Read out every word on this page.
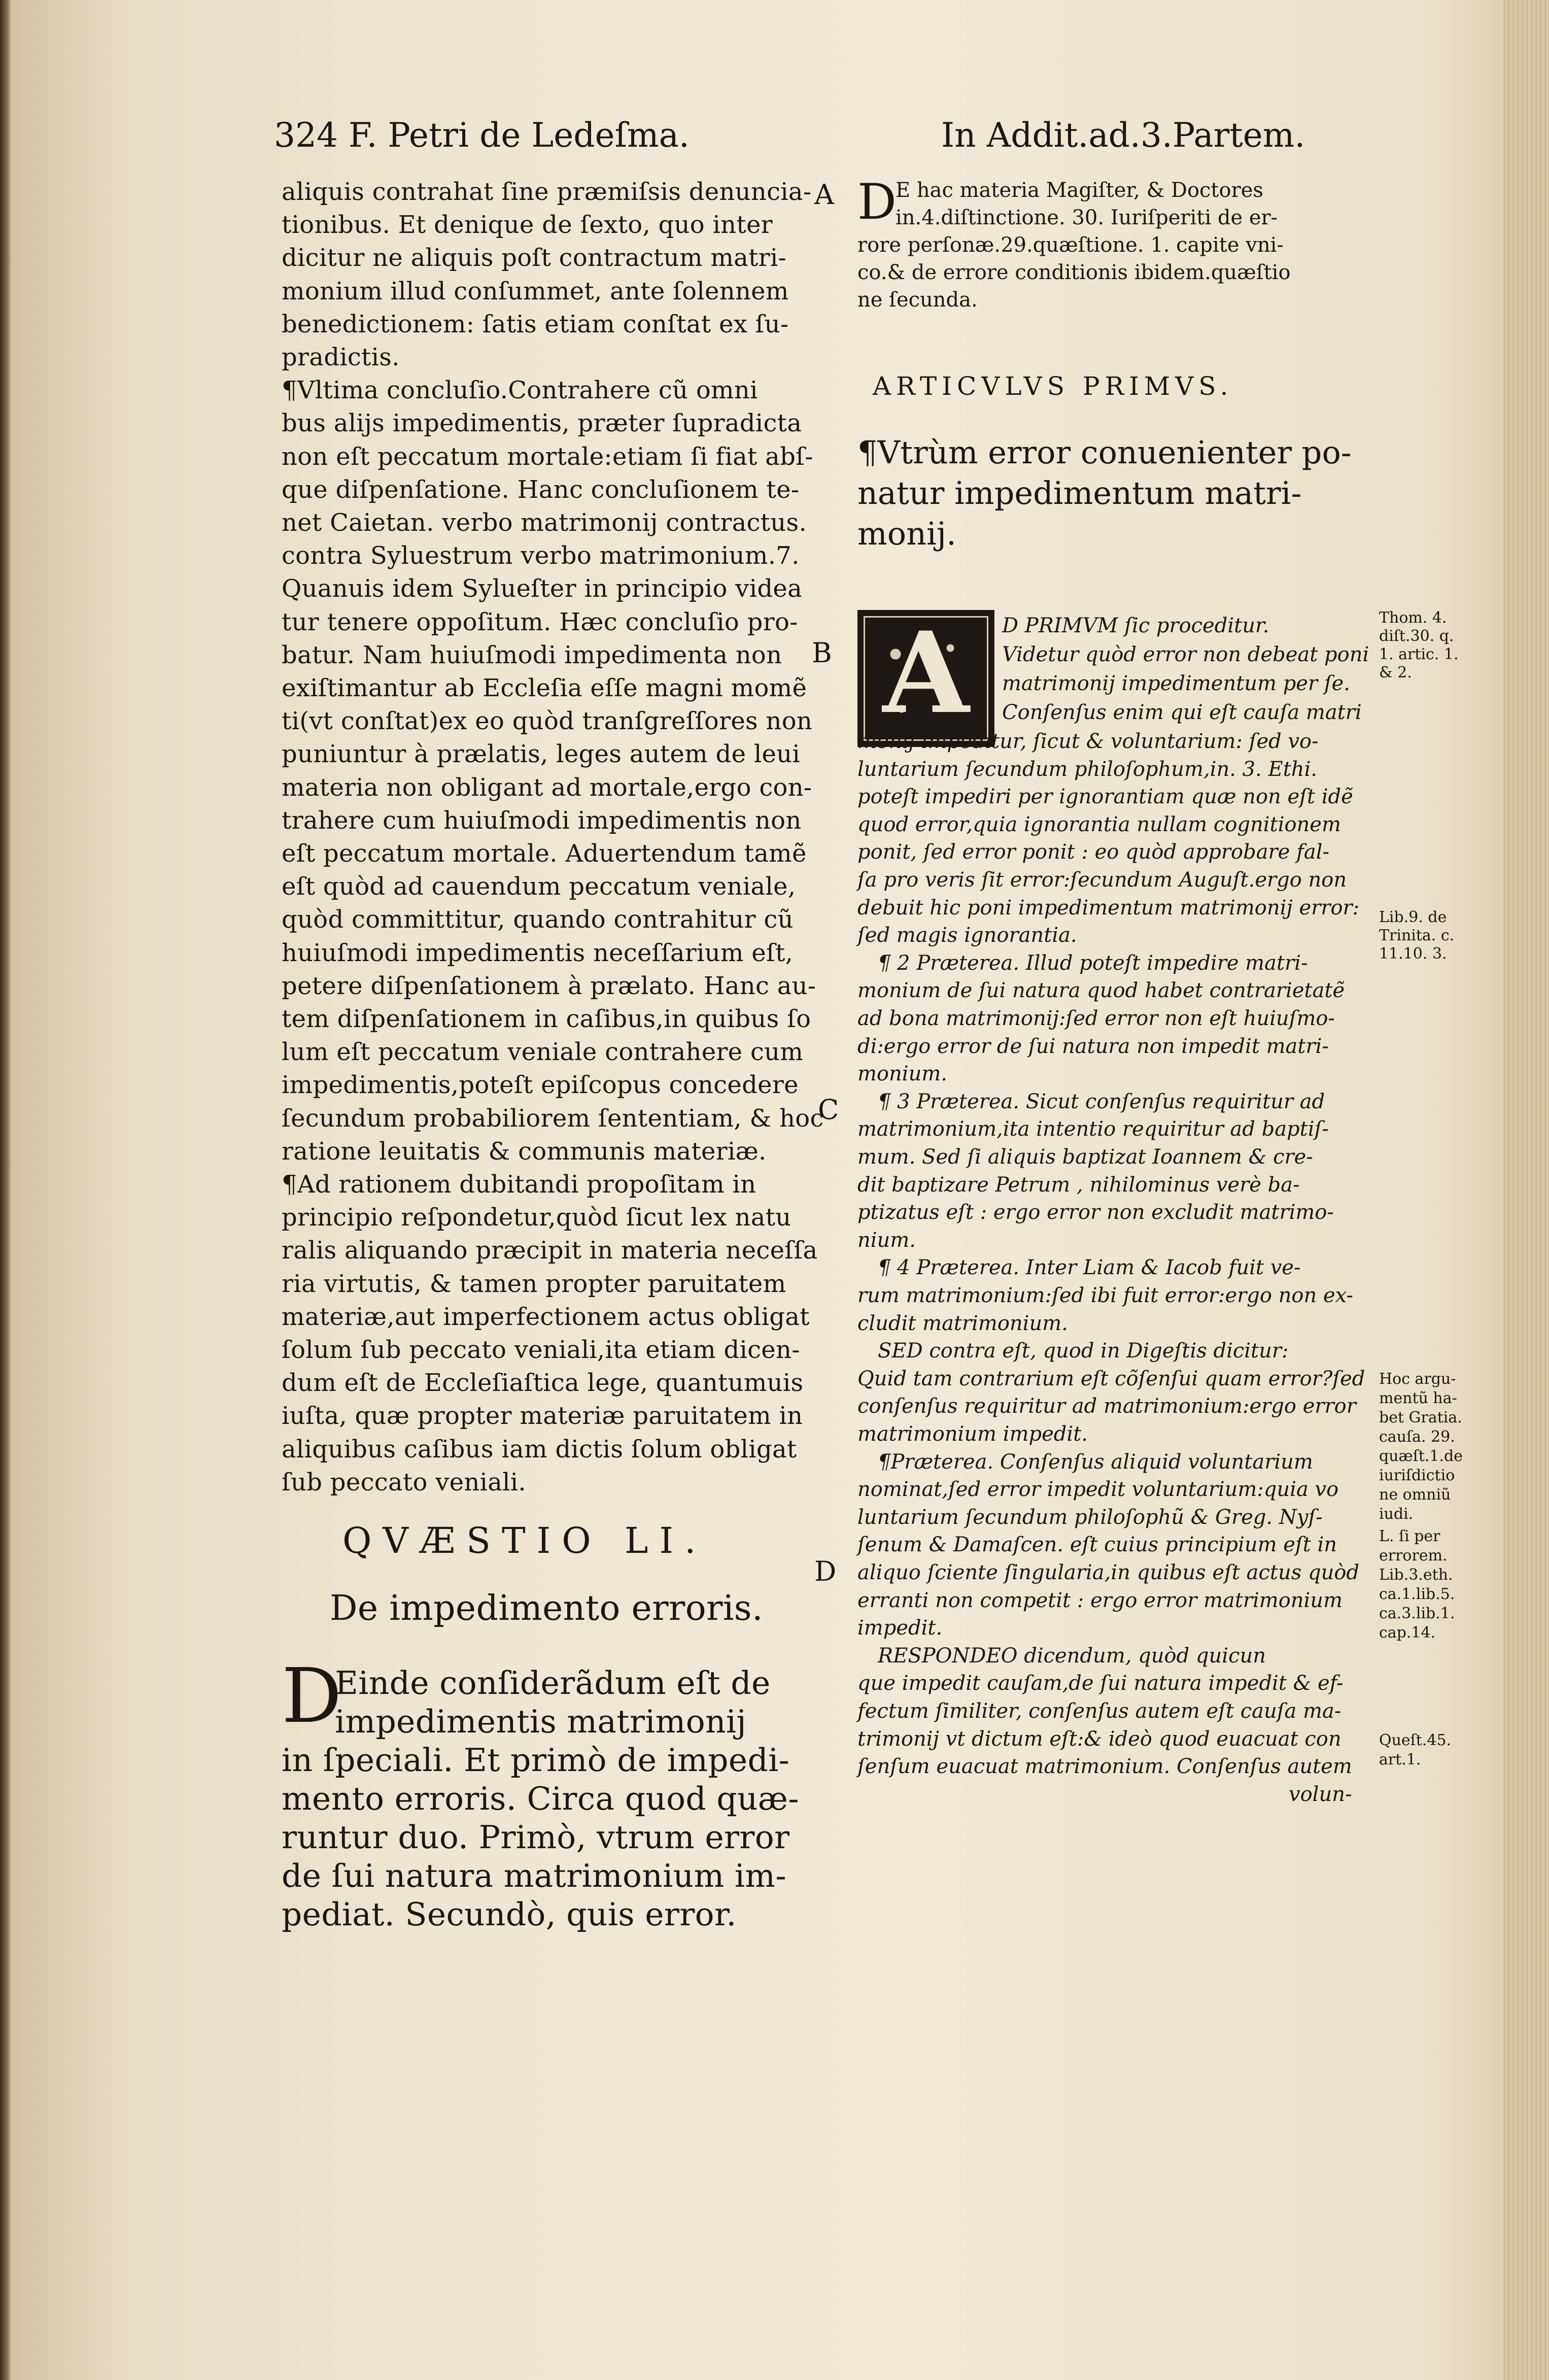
324 F. Petri de Ledeſma.	In Addit.ad.3.Partem.
aliquis contrahat ſine præmiſsis denuncia-
tionibus. Et denique de ſexto, quo inter
dicitur ne aliquis poſt contractum matri-
monium illud conſummet, ante ſolennem
benedictionem: ſatis etiam conſtat ex ſu-
pradictis.
¶Vltima concluſio.Contrahere cũ omni
bus alijs impedimentis, præter ſupradicta
non eſt peccatum mortale:etiam ſi fiat abſ-
que diſpenſatione. Hanc concluſionem te-
net Caietan. verbo matrimonij contractus.
contra Syluestrum verbo matrimonium.7.
Quanuis idem Sylueſter in principio videa
tur tenere oppoſitum. Hæc concluſio pro-
batur. Nam huiuſmodi impedimenta non
exiſtimantur ab Eccleſia eſſe magni momẽ
ti(vt conſtat)ex eo quòd tranſgreſſores non
puniuntur à prælatis, leges autem de leui
materia non obligant ad mortale,ergo con-
trahere cum huiuſmodi impedimentis non
eſt peccatum mortale. Aduertendum tamẽ
eſt quòd ad cauendum peccatum veniale,
quòd committitur, quando contrahitur cũ
huiuſmodi impedimentis neceſſarium eſt,
petere diſpenſationem à prælato. Hanc au-
tem diſpenſationem in caſibus,in quibus ſo
lum eſt peccatum veniale contrahere cum
impedimentis,poteſt epiſcopus concedere
ſecundum probabiliorem ſententiam, & hoc
ratione leuitatis & communis materiæ.
¶Ad rationem dubitandi propoſitam in
principio reſpondetur,quòd ſicut lex natu
ralis aliquando præcipit in materia neceſſa
ria virtutis, & tamen propter paruitatem
materiæ,aut imperfectionem actus obligat
ſolum ſub peccato veniali,ita etiam dicen-
dum eſt de Eccleſiaſtica lege, quantumuis
iuſta, quæ propter materiæ paruitatem in
aliquibus caſibus iam dictis ſolum obligat
ſub peccato veniali.
QVÆSTIO LI.
De impedimento erroris.
D
Einde conſiderãdum eſt de
impedimentis matrimonij
in ſpeciali. Et primò de impedi-
mento erroris. Circa quod quæ-
runtur duo. Primò, vtrum error
de ſui natura matrimonium im-
pediat. Secundò, quis error.
A
B
C
D
D
E hac materia Magiſter, & Doctores
in.4.diſtinctione. 30. Iuriſperiti de er-
rore perſonæ.29.quæſtione. 1. capite vni-
co.& de errore conditionis ibidem.quæſtio
ne ſecunda.
ARTICVLVS PRIMVS.
¶Vtrùm error conuenienter po-
natur impedimentum matri-
monij.
A	D PRIMVM ſic proceditur.
Videtur quòd error non debeat poni
matrimonij impedimentum per ſe.
Conſenſus enim qui eſt cauſa matri
monij impeditur, ſicut & voluntarium: ſed vo-
luntarium ſecundum philoſophum,in. 3. Ethi.
poteſt impediri per ignorantiam quæ non eſt idẽ
quod error,quia ignorantia nullam cognitionem
ponit, ſed error ponit : eo quòd approbare fal-
ſa pro veris ſit error:ſecundum Auguſt.ergo non
debuit hic poni impedimentum matrimonij error:
ſed magis ignorantia.
¶ 2 Præterea. Illud poteſt impedire matri-
monium de ſui natura quod habet contrarietatẽ
ad bona matrimonij:ſed error non eſt huiuſmo-
di:ergo error de ſui natura non impedit matri-
monium.
¶ 3 Præterea. Sicut conſenſus requiritur ad
matrimonium,ita intentio requiritur ad baptiſ-
mum. Sed ſi aliquis baptizat Ioannem & cre-
dit baptizare Petrum , nihilominus verè ba-
ptizatus eſt : ergo error non excludit matrimo-
nium.
¶ 4 Præterea. Inter Liam & Iacob fuit ve-
rum matrimonium:ſed ibi fuit error:ergo non ex-
cludit matrimonium.
SED contra eſt, quod in Digeſtis dicitur:
Quid tam contrarium eſt cõſenſui quam error?ſed
conſenſus requiritur ad matrimonium:ergo error
matrimonium impedit.
¶Præterea. Conſenſus aliquid voluntarium
nominat,ſed error impedit voluntarium:quia vo
luntarium ſecundum philoſophũ & Greg. Nyſ-
ſenum & Damaſcen. eſt cuius principium eſt in
aliquo ſciente ſingularia,in quibus eſt actus quòd
erranti non competit : ergo error matrimonium
impedit.
RESPONDEO dicendum, quòd quicun
que impedit cauſam,de ſui natura impedit & ef-
fectum ſimiliter, conſenſus autem eſt cauſa ma-
trimonij vt dictum eſt:& ideò quod euacuat con
ſenſum euacuat matrimonium. Conſenſus autem
volun-
Thom. 4.
diſt.30. q.
1. artic. 1.
& 2.
Lib.9. de
Trinita. c.
11.10. 3.
Hoc argu-
mentũ ha-
bet Gratia.
cauſa. 29.
quæſt.1.de
iuriſdictio
ne omniũ
iudi.
L. ſi per
errorem.
Lib.3.eth.
ca.1.lib.5.
ca.3.lib.1.
cap.14.
Queſt.45.
art.1.
